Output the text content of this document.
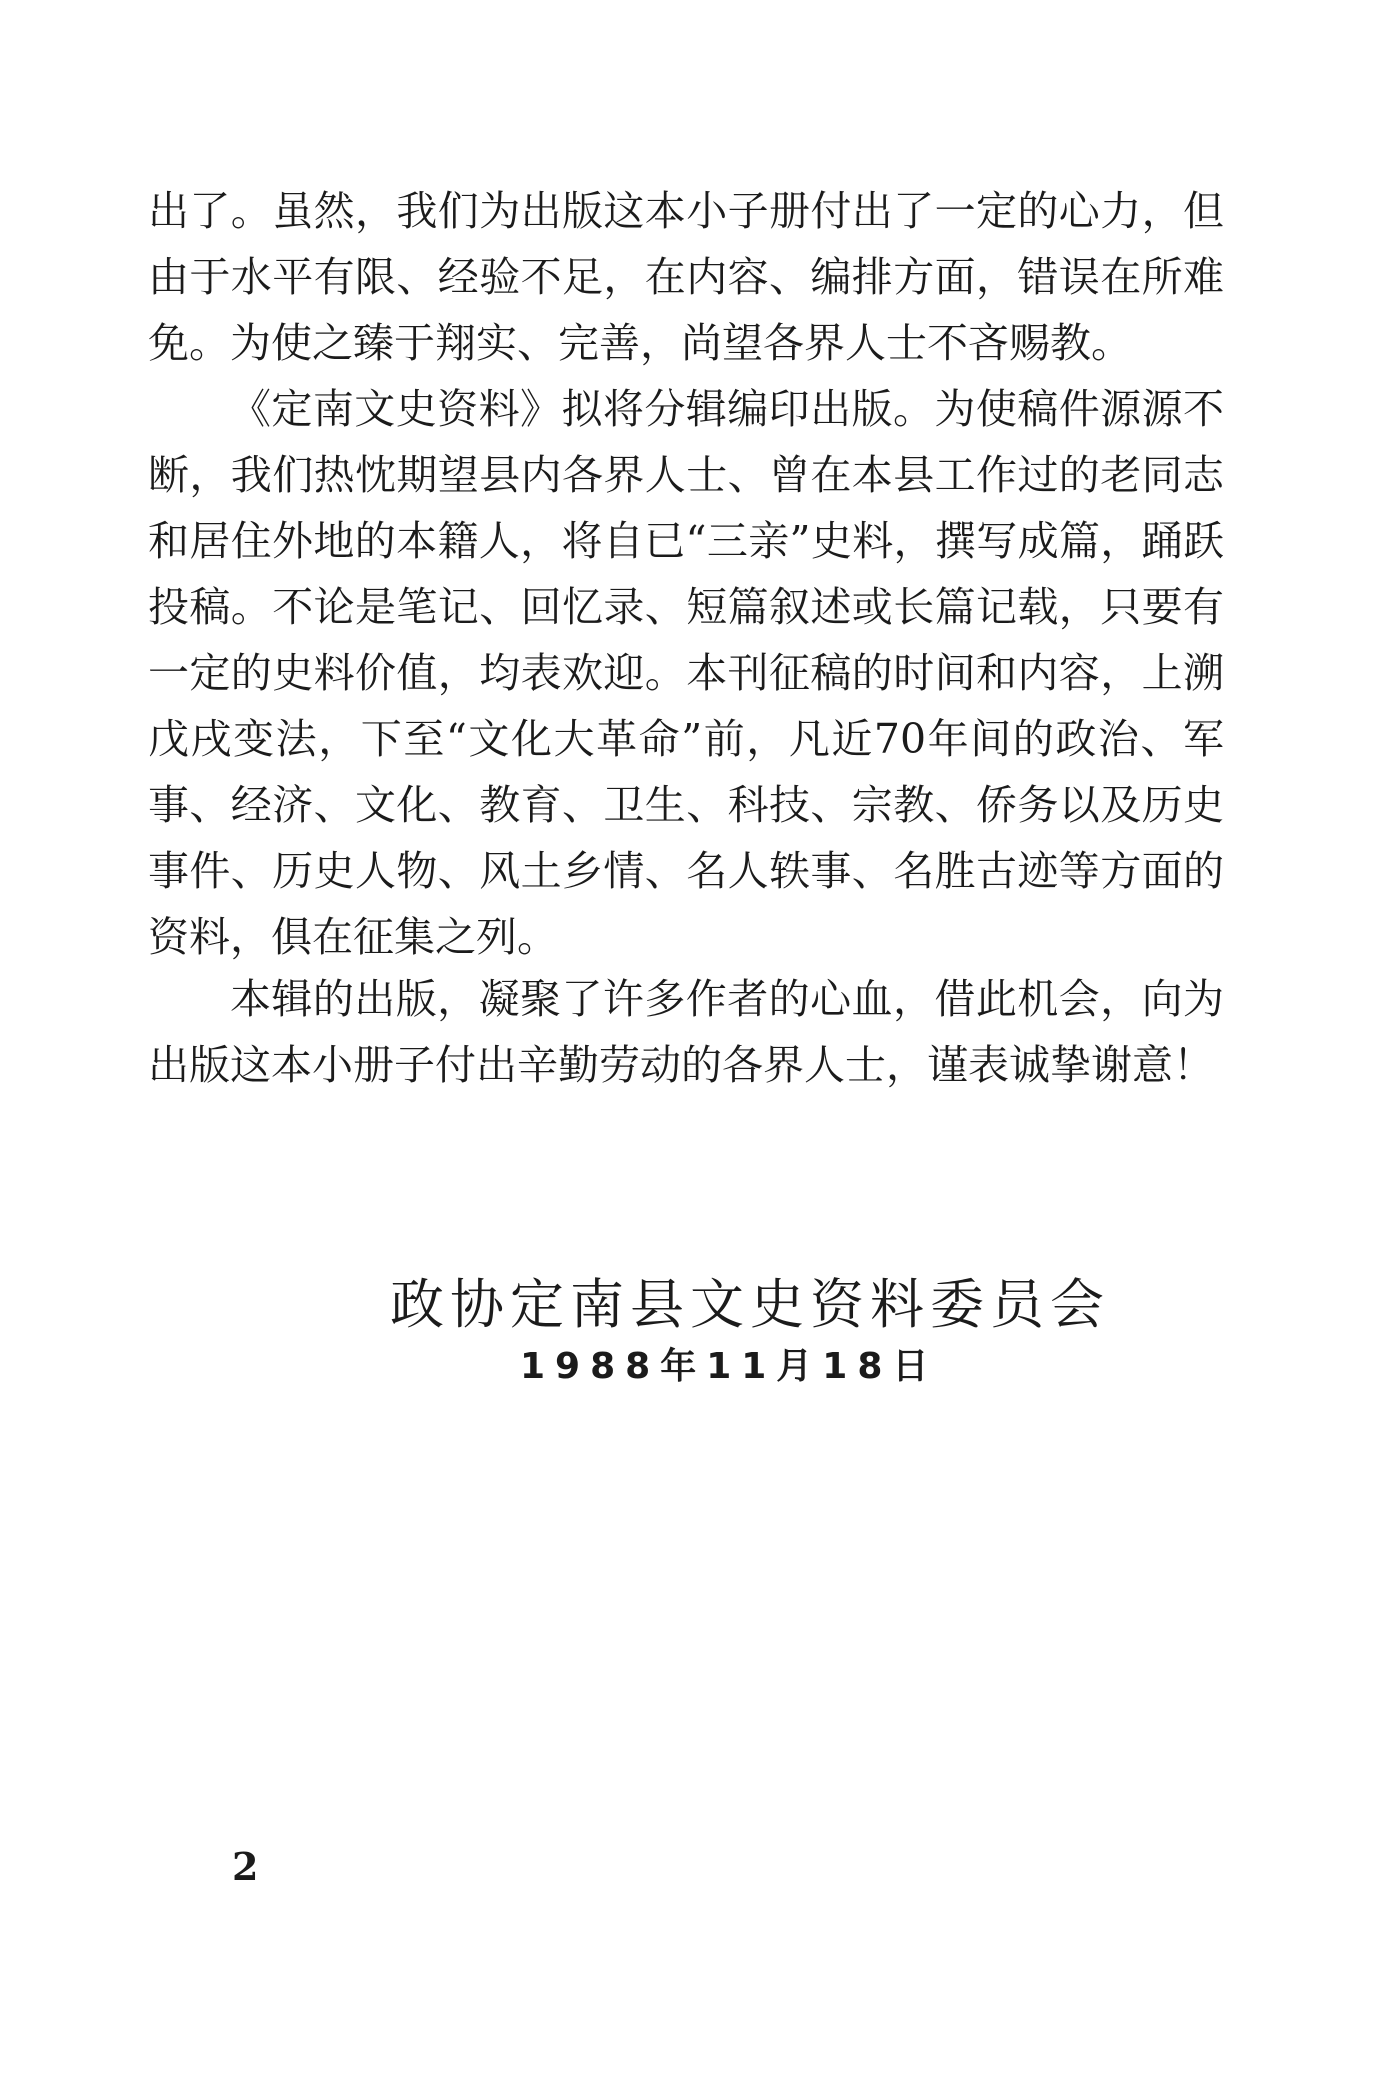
出了。虽然，我们为出版这本小子册付出了一定的心力，但由于水平有限、经验不足，在内容、编排方面，错误在所难免。为使之臻于翔实、完善，尚望各界人士不吝赐教。

《定南文史资料》拟将分辑编印出版。为使稿件源源不断，我们热忱期望县内各界人士、曾在本县工作过的老同志和居住外地的本籍人，将自已“三亲”史料，撰写成篇，踊跃投稿。不论是笔记、回忆录、短篇叙述或长篇记载，只要有一定的史料价值，均表欢迎。本刊征稿的时间和内容，上溯戊戌变法，下至“文化大革命”前，凡近70年间的政治、军事、经济、文化、教育、卫生、科技、宗教、侨务以及历史事件、历史人物、风土乡情、名人轶事、名胜古迹等方面的资料，俱在征集之列。

本辑的出版，凝聚了许多作者的心血，借此机会，向为出版这本小册子付出辛勤劳动的各界人士，谨表诚挚谢意！

政协定南县文史资料委员会
1988年11月18日
2
